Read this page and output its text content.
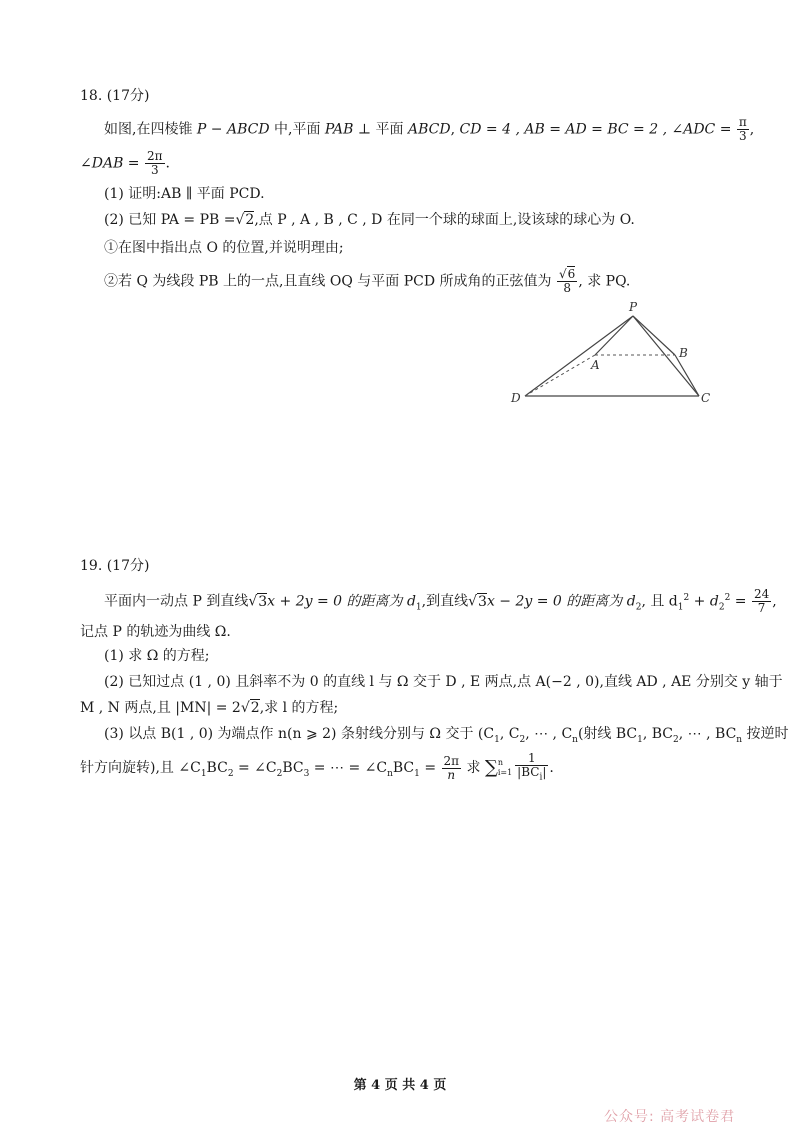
18. (17分)
如图,在四棱锥 P − ABCD 中,平面 PAB ⊥ 平面 ABCD, CD = 4 , AB = AD = BC = 2 , ∠ADC = $\frac{\pi}{3}$ ,
∠DAB = $\frac{2\pi}{3}$ .
(1) 证明:AB ∥ 平面 PCD.
(2) 已知 PA = PB =√2,点 P , A , B , C , D 在同一个球的球面上,设该球的球心为 O.
①在图中指出点 O 的位置,并说明理由;
②若 Q 为线段 PB 上的一点,且直线 OQ 与平面 PCD 所成角的正弦值为 $\frac{√6}{8}$ , 求 PQ.
P
B
A
D	C
19. (17分)
平面内一动点 P 到直线√3x + 2y = 0 的距离为 $d_1$,到直线√3x − 2y = 0 的距离为 $d_2$, 且 $d_1^2 + d_2^2 = \frac{24}{7}$ ,
记点 P 的轨迹为曲线 Ω.
(1) 求 Ω 的方程;
(2) 已知过点 (1 , 0) 且斜率不为 0 的直线 l 与 Ω 交于 D , E 两点,点 A(−2 , 0),直线 AD , AE 分别交 y 轴于
M , N 两点,且 |MN| = 2√2,求 l 的方程;
(3) 以点 B(1 , 0) 为端点作 n(n ⩾ 2) 条射线分别与 Ω 交于 ($C_1$, $C_2$, ⋯ , $C_n$(射线 $BC_1$, $BC_2$, ⋯ , $BC_n$ 按逆时
针方向旋转),且 $\angle C_1BC_2$ = $\angle C_2BC_3$ = ⋯ = $\angle C_nBC_1 = \frac{2\pi}{n}$ 求 ∑n
$i=1 \frac{1}{|BC_i|}$ .
第 4 页 共 4 页
公众号: 高考试卷君
